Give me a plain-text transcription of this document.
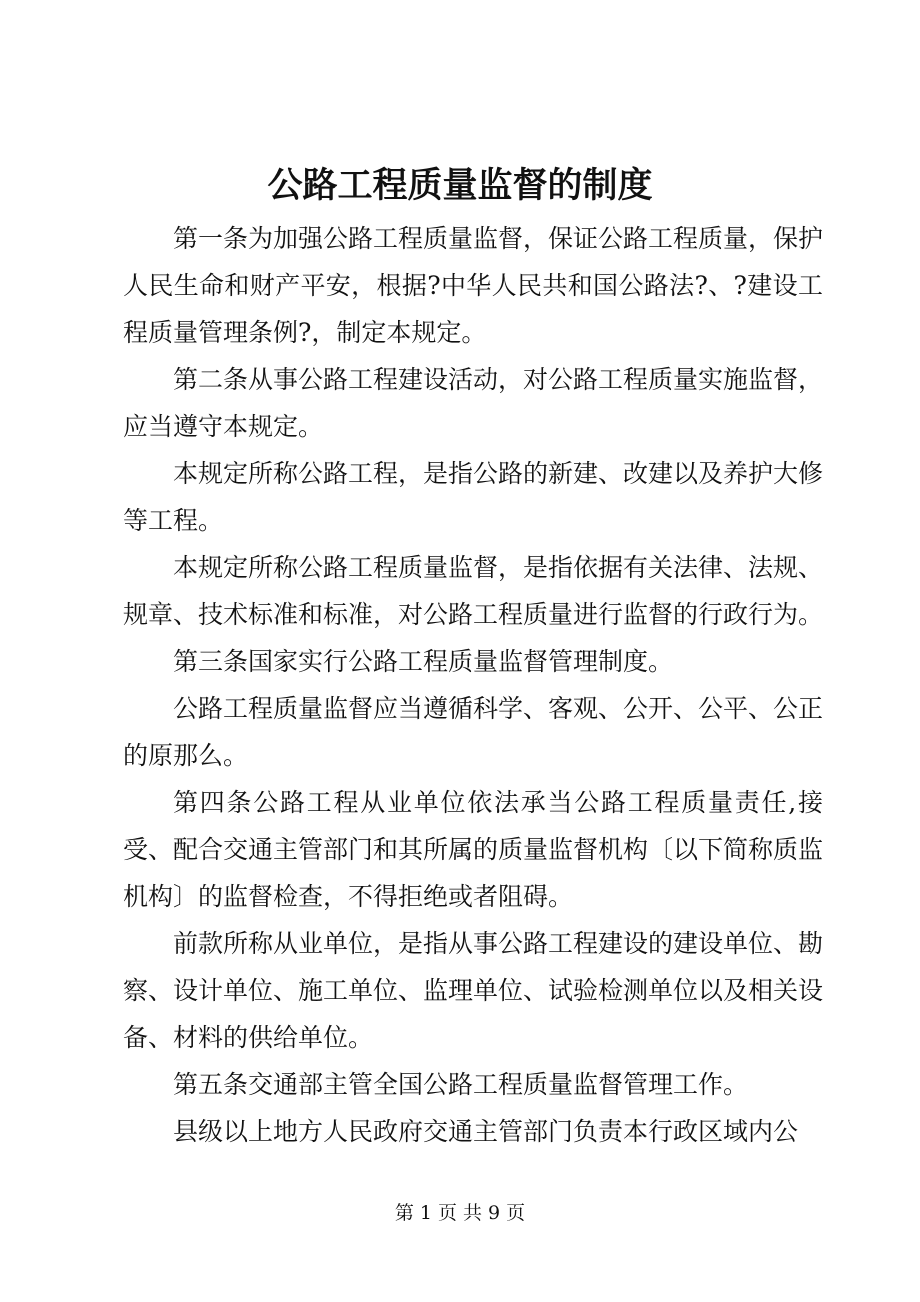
公路工程质量监督的制度

第一条为加强公路工程质量监督，保证公路工程质量，保护人民生命和财产平安，根据?中华人民共和国公路法?、?建设工程质量管理条例?，制定本规定。

第二条从事公路工程建设活动，对公路工程质量实施监督，应当遵守本规定。

本规定所称公路工程，是指公路的新建、改建以及养护大修等工程。

本规定所称公路工程质量监督，是指依据有关法律、法规、规章、技术标准和标准，对公路工程质量进行监督的行政行为。

第三条国家实行公路工程质量监督管理制度。

公路工程质量监督应当遵循科学、客观、公开、公平、公正的原那么。

第四条公路工程从业单位依法承当公路工程质量责任,接受、配合交通主管部门和其所属的质量监督机构〔以下简称质监机构〕的监督检查，不得拒绝或者阻碍。

前款所称从业单位，是指从事公路工程建设的建设单位、勘察、设计单位、施工单位、监理单位、试验检测单位以及相关设备、材料的供给单位。

第五条交通部主管全国公路工程质量监督管理工作。

县级以上地方人民政府交通主管部门负责本行政区域内公

第 1 页 共 9 页
